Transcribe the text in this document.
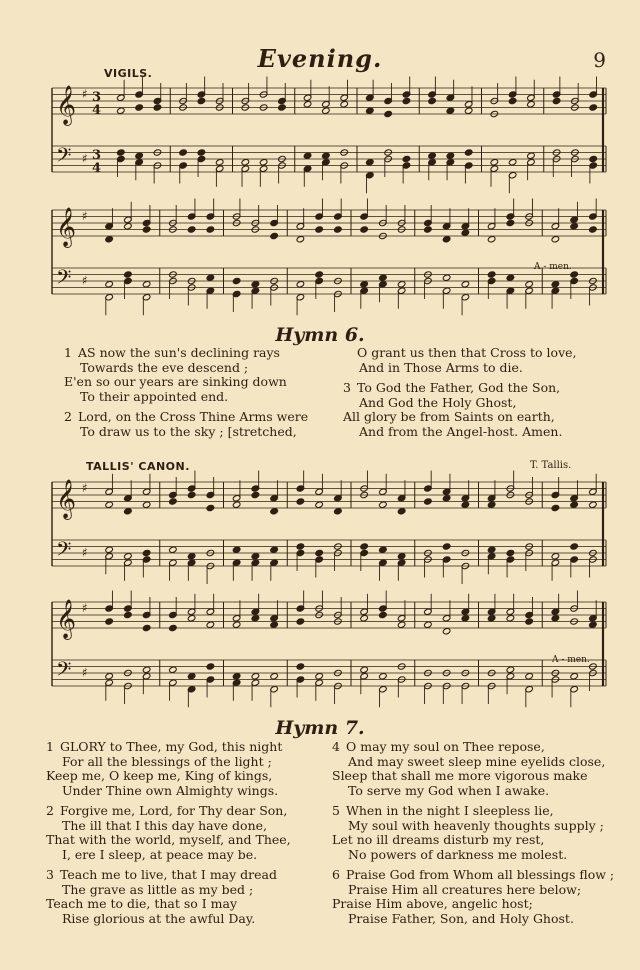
Evening.	9
VIGILS.
𝄞
𝄢
♯
♯
3
4
3
4
𝄞
𝄢
♯
♯
A - men.
Hymn 6.
1 AS now the sun's declining rays
Towards the eve descend ;
E'en so our years are sinking down
To their appointed end.
2 Lord, on the Cross Thine Arms were
To draw us to the sky ; [stretched,
O grant us then that Cross to love,
And in Those Arms to die.
3 To God the Father, God the Son,
And God the Holy Ghost,
All glory be from Saints on earth,
And from the Angel-host. Amen.
TALLIS' CANON.	T. Tallis.
𝄞
𝄢
♯
♯
𝄞
𝄢
♯
♯
A - men.
Hymn 7.
1 GLORY to Thee, my God, this night
For all the blessings of the light ;
Keep me, O keep me, King of kings,
Under Thine own Almighty wings.
2 Forgive me, Lord, for Thy dear Son,
The ill that I this day have done,
That with the world, myself, and Thee,
I, ere I sleep, at peace may be.
3 Teach me to live, that I may dread
The grave as little as my bed ;
Teach me to die, that so I may
Rise glorious at the awful Day.
4 O may my soul on Thee repose,
And may sweet sleep mine eyelids close,
Sleep that shall me more vigorous make
To serve my God when I awake.
5 When in the night I sleepless lie,
My soul with heavenly thoughts supply ;
Let no ill dreams disturb my rest,
No powers of darkness me molest.
6 Praise God from Whom all blessings flow ;
Praise Him all creatures here below;
Praise Him above, angelic host;
Praise Father, Son, and Holy Ghost.
